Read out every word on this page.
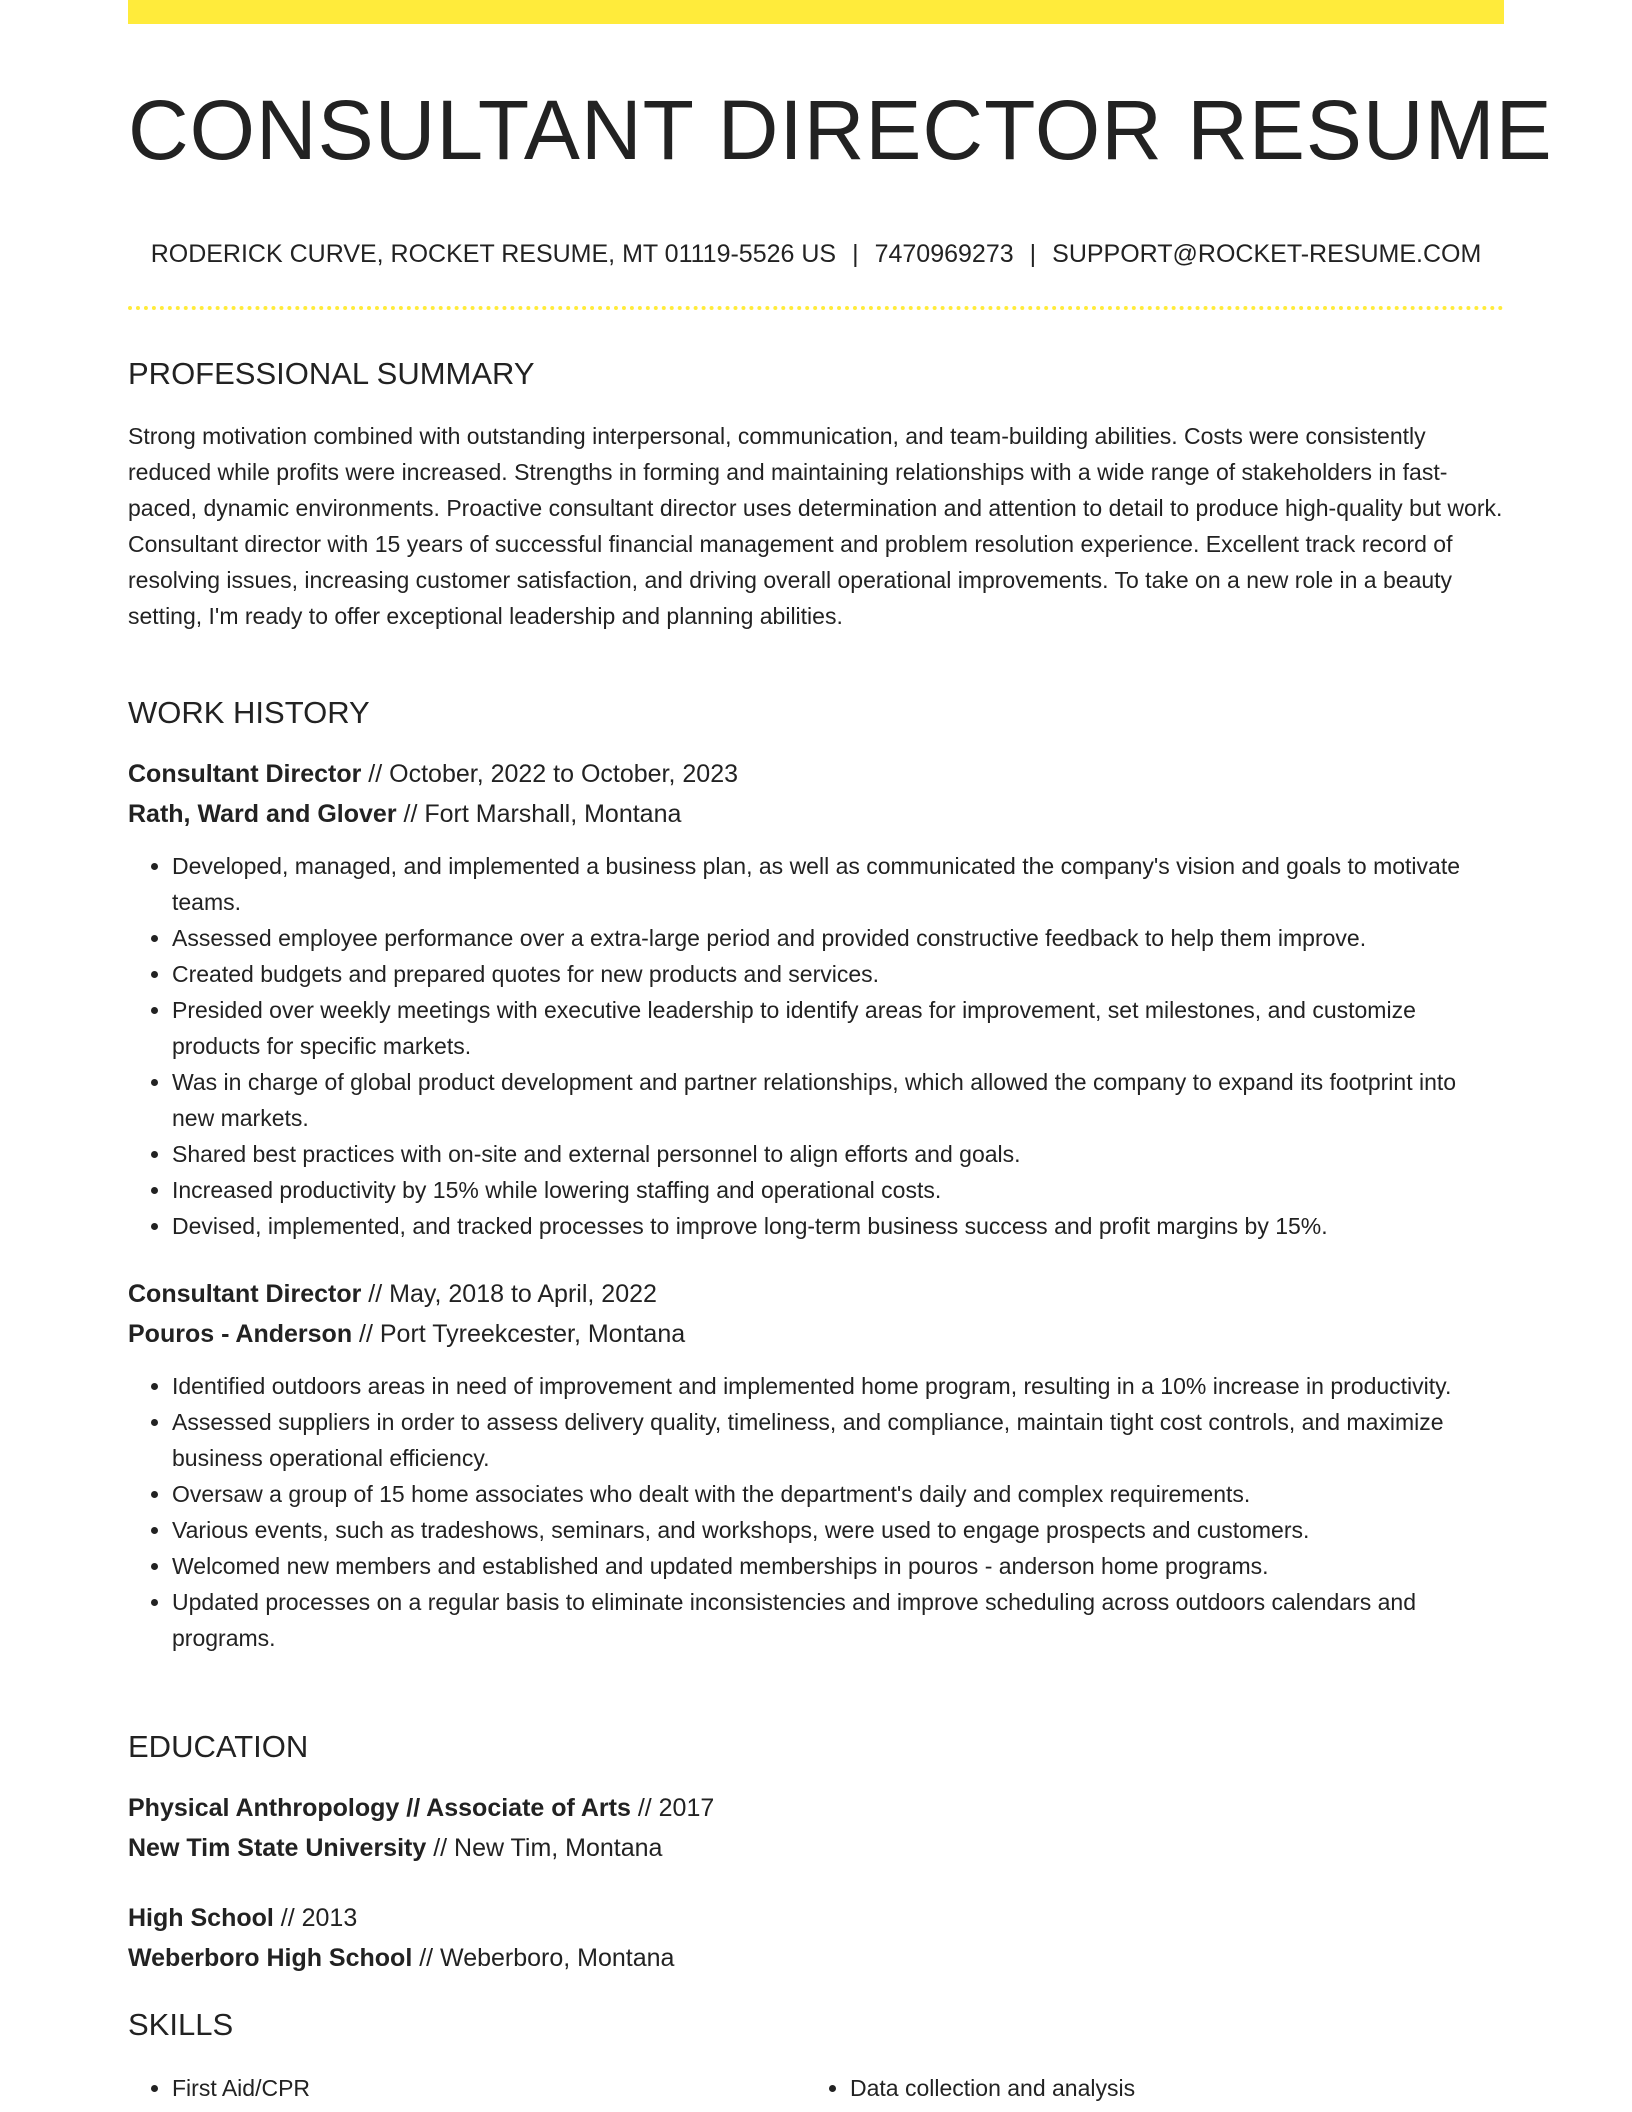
CONSULTANT DIRECTOR RESUME
RODERICK CURVE, ROCKET RESUME, MT 01119-5526 US | 7470969273 | SUPPORT@ROCKET-RESUME.COM
PROFESSIONAL SUMMARY
Strong motivation combined with outstanding interpersonal, communication, and team-building abilities. Costs were consistently reduced while profits were increased. Strengths in forming and maintaining relationships with a wide range of stakeholders in fast-paced, dynamic environments. Proactive consultant director uses determination and attention to detail to produce high-quality but work. Consultant director with 15 years of successful financial management and problem resolution experience. Excellent track record of resolving issues, increasing customer satisfaction, and driving overall operational improvements. To take on a new role in a beauty setting, I'm ready to offer exceptional leadership and planning abilities.
WORK HISTORY
Consultant Director // October, 2022 to October, 2023
Rath, Ward and Glover // Fort Marshall, Montana
• Developed, managed, and implemented a business plan, as well as communicated the company's vision and goals to motivate teams.
• Assessed employee performance over a extra-large period and provided constructive feedback to help them improve.
• Created budgets and prepared quotes for new products and services.
• Presided over weekly meetings with executive leadership to identify areas for improvement, set milestones, and customize products for specific markets.
• Was in charge of global product development and partner relationships, which allowed the company to expand its footprint into new markets.
• Shared best practices with on-site and external personnel to align efforts and goals.
• Increased productivity by 15% while lowering staffing and operational costs.
• Devised, implemented, and tracked processes to improve long-term business success and profit margins by 15%.
Consultant Director // May, 2018 to April, 2022
Pouros - Anderson // Port Tyreekcester, Montana
• Identified outdoors areas in need of improvement and implemented home program, resulting in a 10% increase in productivity.
• Assessed suppliers in order to assess delivery quality, timeliness, and compliance, maintain tight cost controls, and maximize business operational efficiency.
• Oversaw a group of 15 home associates who dealt with the department's daily and complex requirements.
• Various events, such as tradeshows, seminars, and workshops, were used to engage prospects and customers.
• Welcomed new members and established and updated memberships in pouros - anderson home programs.
• Updated processes on a regular basis to eliminate inconsistencies and improve scheduling across outdoors calendars and programs.
EDUCATION
Physical Anthropology // Associate of Arts // 2017
New Tim State University // New Tim, Montana
High School // 2013
Weberboro High School // Weberboro, Montana
SKILLS
• First Aid/CPR
•	Data collection and analysis
